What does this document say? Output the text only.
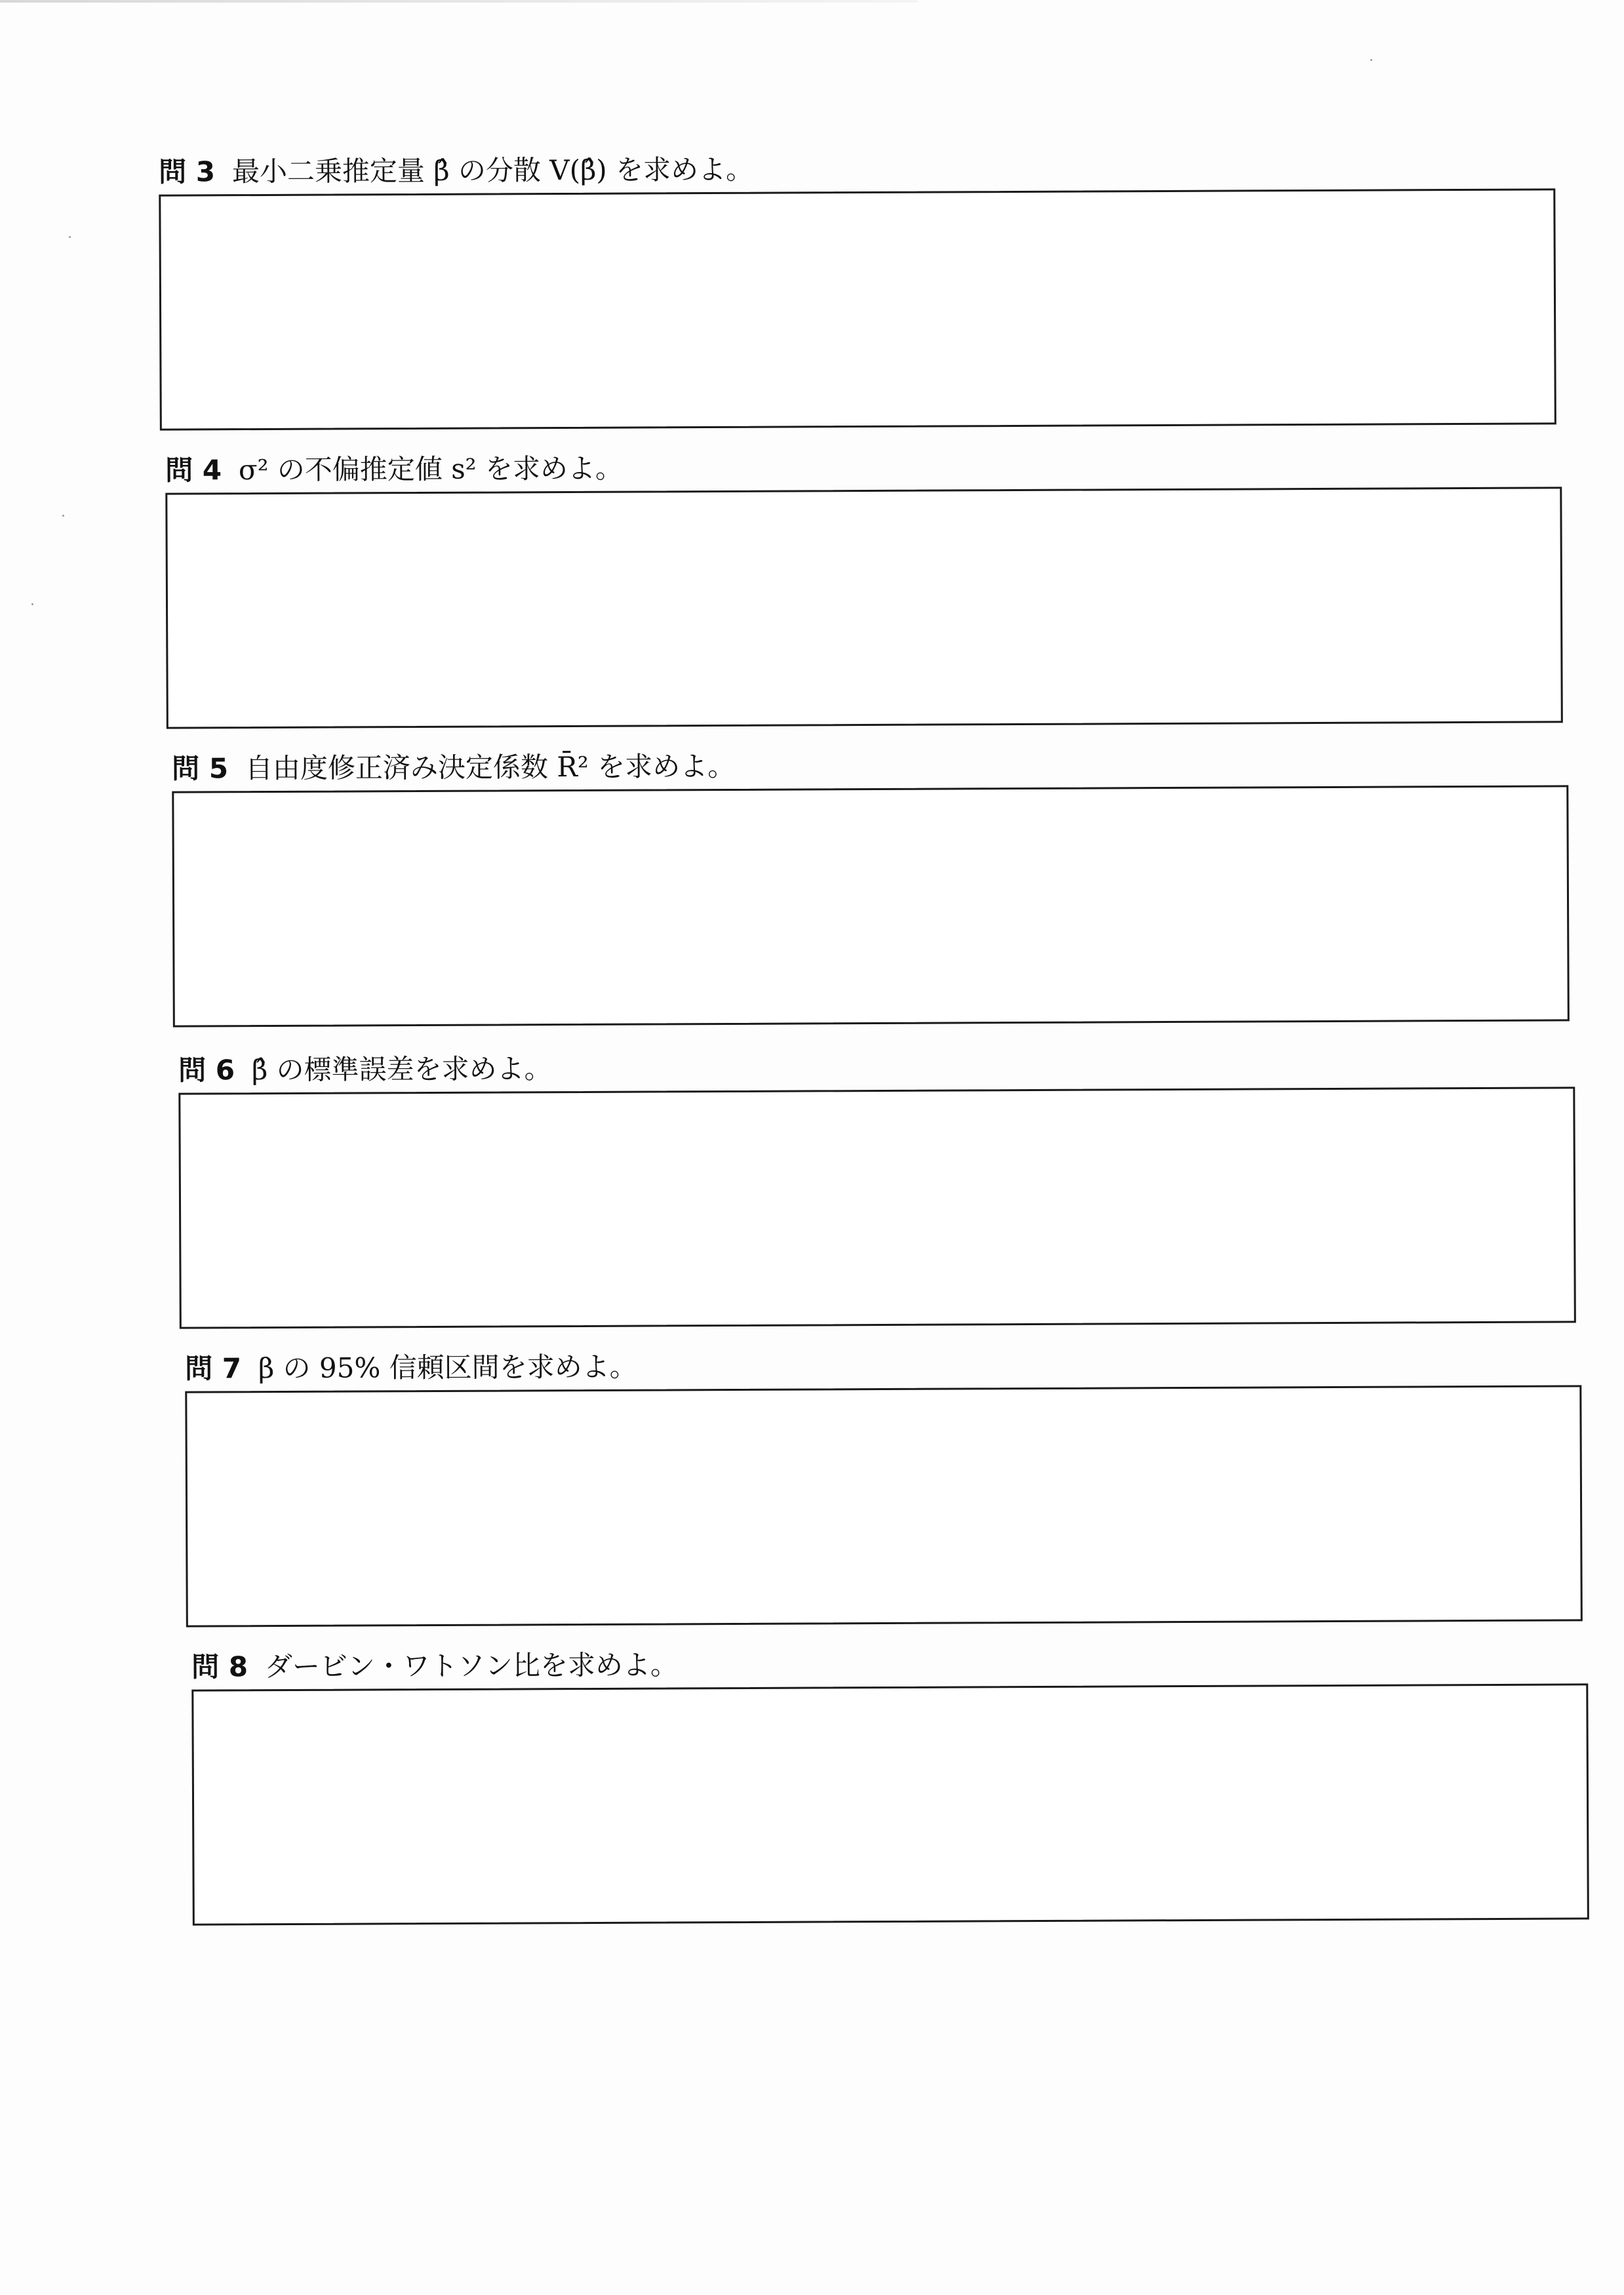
問 3 最小二乗推定量 β̂ の分散 V(β̂) を求めよ。
問 4 σ² の不偏推定値 s² を求めよ。
問 5 自由度修正済み決定係数 R̄² を求めよ。
問 6 β̂ の標準誤差を求めよ。
問 7 β の 95% 信頼区間を求めよ。
問 8 ダービン・ワトソン比を求めよ。
